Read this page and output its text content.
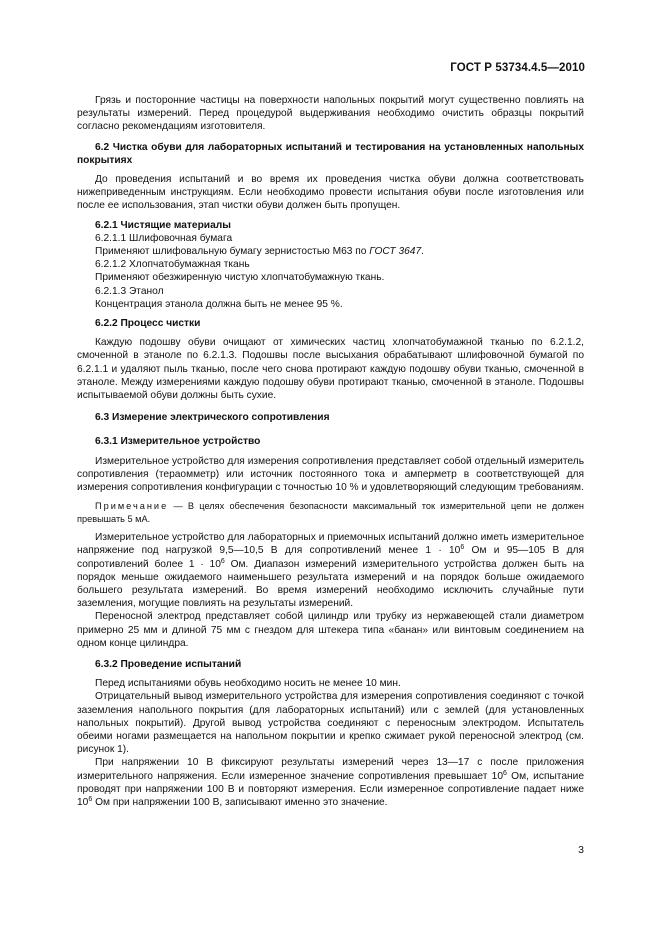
ГОСТ Р 53734.4.5—2010

Грязь и посторонние частицы на поверхности напольных покрытий могут существенно повлиять на результаты измерений. Перед процедурой выдерживания необходимо очистить образцы покрытий согласно рекомендациям изготовителя.

6.2 Чистка обуви для лабораторных испытаний и тестирования на установленных напольных покрытиях

До проведения испытаний и во время их проведения чистка обуви должна соответствовать нижеприведенным инструкциям. Если необходимо провести испытания обуви после изготовления или после ее использования, этап чистки обуви должен быть пропущен.

6.2.1 Чистящие материалы

6.2.1.1 Шлифовочная бумага

Применяют шлифовальную бумагу зернистостью M63 по ГОСТ 3647.

6.2.1.2 Хлопчатобумажная ткань

Применяют обезжиренную чистую хлопчатобумажную ткань.

6.2.1.3 Этанол

Концентрация этанола должна быть не менее 95 %.

6.2.2 Процесс чистки

Каждую подошву обуви очищают от химических частиц хлопчатобумажной тканью по 6.2.1.2, смоченной в этаноле по 6.2.1.3. Подошвы после высыхания обрабатывают шлифовочной бумагой по 6.2.1.1 и удаляют пыль тканью, после чего снова протирают каждую подошву обуви тканью, смоченной в этаноле. Между измерениями каждую подошву обуви протирают тканью, смоченной в этаноле. Подошвы испытываемой обуви должны быть сухие.

6.3 Измерение электрического сопротивления

6.3.1 Измерительное устройство

Измерительное устройство для измерения сопротивления представляет собой отдельный измеритель сопротивления (тераомметр) или источник постоянного тока и амперметр в соответствующей для измерения сопротивления конфигурации с точностью 10 % и удовлетворяющий следующим требованиям.

Примечание — В целях обеспечения безопасности максимальный ток измерительной цепи не должен превышать 5 мА.

Измерительное устройство для лабораторных и приемочных испытаний должно иметь измерительное напряжение под нагрузкой 9,5—10,5 В для сопротивлений менее $1 \cdot 10^6$ Ом и 95—105 В для сопротивлений более $1 \cdot 10^6$ Ом. Диапазон измерений измерительного устройства должен быть на порядок меньше ожидаемого наименьшего результата измерений и на порядок больше ожидаемого большего результата измерений. Во время измерений необходимо исключить случайные пути заземления, могущие повлиять на результаты измерений.

Переносной электрод представляет собой цилиндр или трубку из нержавеющей стали диаметром примерно 25 мм и длиной 75 мм с гнездом для штекера типа «банан» или винтовым соединением на одном конце цилиндра.

6.3.2 Проведение испытаний

Перед испытаниями обувь необходимо носить не менее 10 мин.

Отрицательный вывод измерительного устройства для измерения сопротивления соединяют с точкой заземления напольного покрытия (для лабораторных испытаний) или с землей (для установленных напольных покрытий). Другой вывод устройства соединяют с переносным электродом. Испытатель обеими ногами размещается на напольном покрытии и крепко сжимает рукой переносной электрод (см. рисунок 1).

При напряжении 10 В фиксируют результаты измерений через 13—17 с после приложения измерительного напряжения. Если измеренное значение сопротивления превышает $10^6$ Ом, испытание проводят при напряжении 100 В и повторяют измерения. Если измеренное сопротивление падает ниже $10^6$ Ом при напряжении 100 В, записывают именно это значение.

3
